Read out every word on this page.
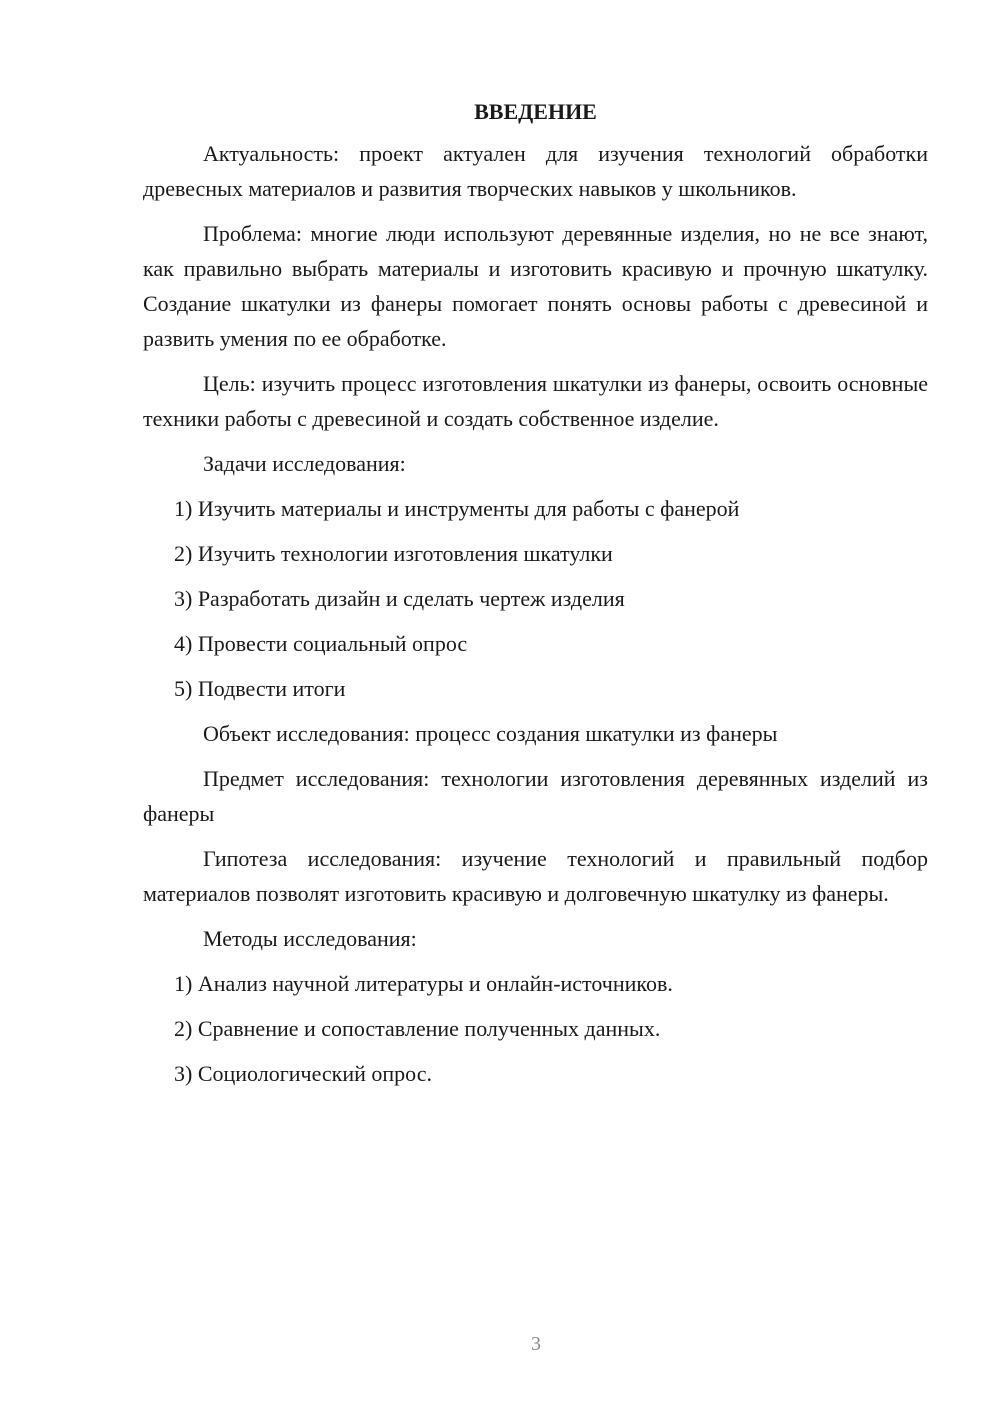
ВВЕДЕНИЕ
Актуальность: проект актуален для изучения технологий обработки древесных материалов и развития творческих навыков у школьников.
Проблема: многие люди используют деревянные изделия, но не все знают, как правильно выбрать материалы и изготовить красивую и прочную шкатулку. Создание шкатулки из фанеры помогает понять основы работы с древесиной и развить умения по ее обработке.
Цель: изучить процесс изготовления шкатулки из фанеры, освоить основные техники работы с древесиной и создать собственное изделие.
Задачи исследования:
1) Изучить материалы и инструменты для работы с фанерой
2) Изучить технологии изготовления шкатулки
3) Разработать дизайн и сделать чертеж изделия
4) Провести социальный опрос
5) Подвести итоги
Объект исследования: процесс создания шкатулки из фанеры
Предмет исследования: технологии изготовления деревянных изделий из фанеры
Гипотеза исследования: изучение технологий и правильный подбор материалов позволят изготовить красивую и долговечную шкатулку из фанеры.
Методы исследования:
1) Анализ научной литературы и онлайн-источников.
2) Сравнение и сопоставление полученных данных.
3) Социологический опрос.
3
